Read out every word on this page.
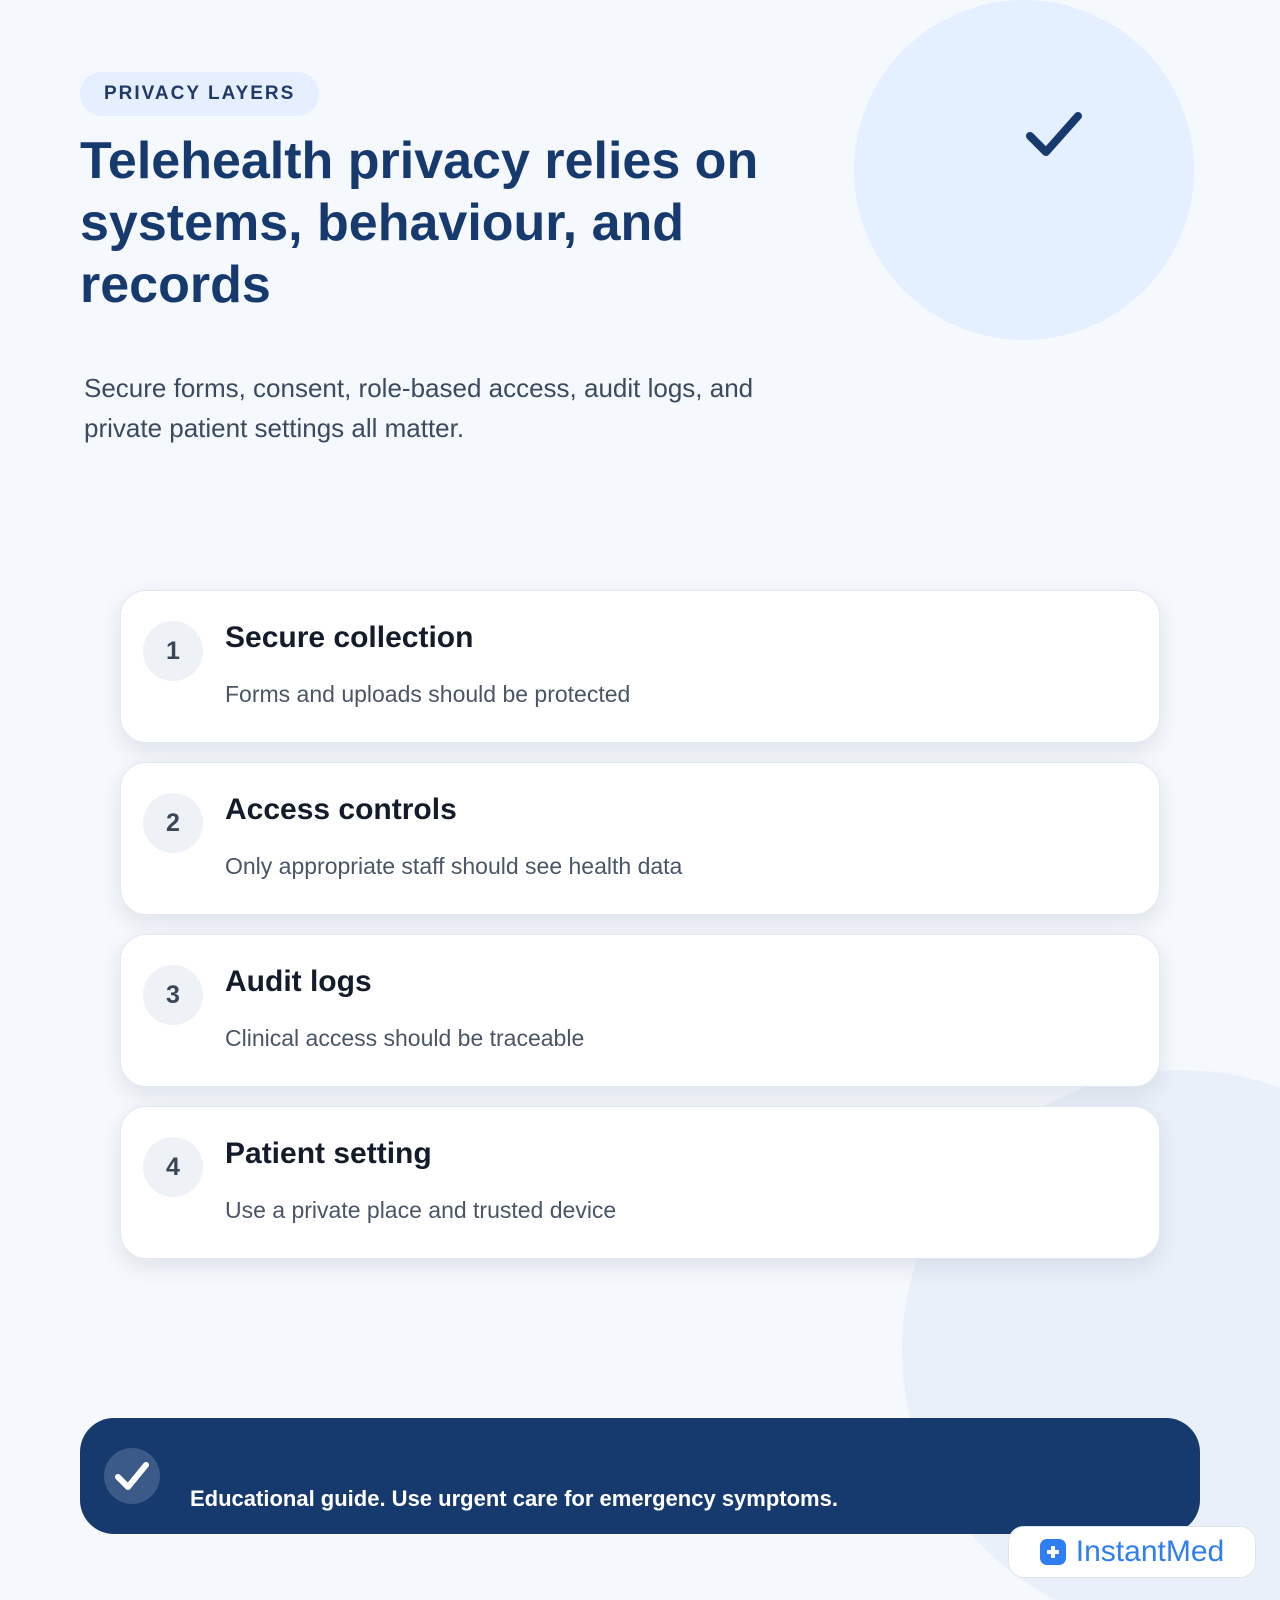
PRIVACY LAYERS
Telehealth privacy relies on systems, behaviour, and records

Secure forms, consent, role-based access, audit logs, and private patient settings all matter.

1	Secure collection
Forms and uploads should be protected
2	Access controls
Only appropriate staff should see health data
3	Audit logs
Clinical access should be traceable
4	Patient setting
Use a private place and trusted device
Educational guide. Use urgent care for emergency symptoms.
InstantMed
